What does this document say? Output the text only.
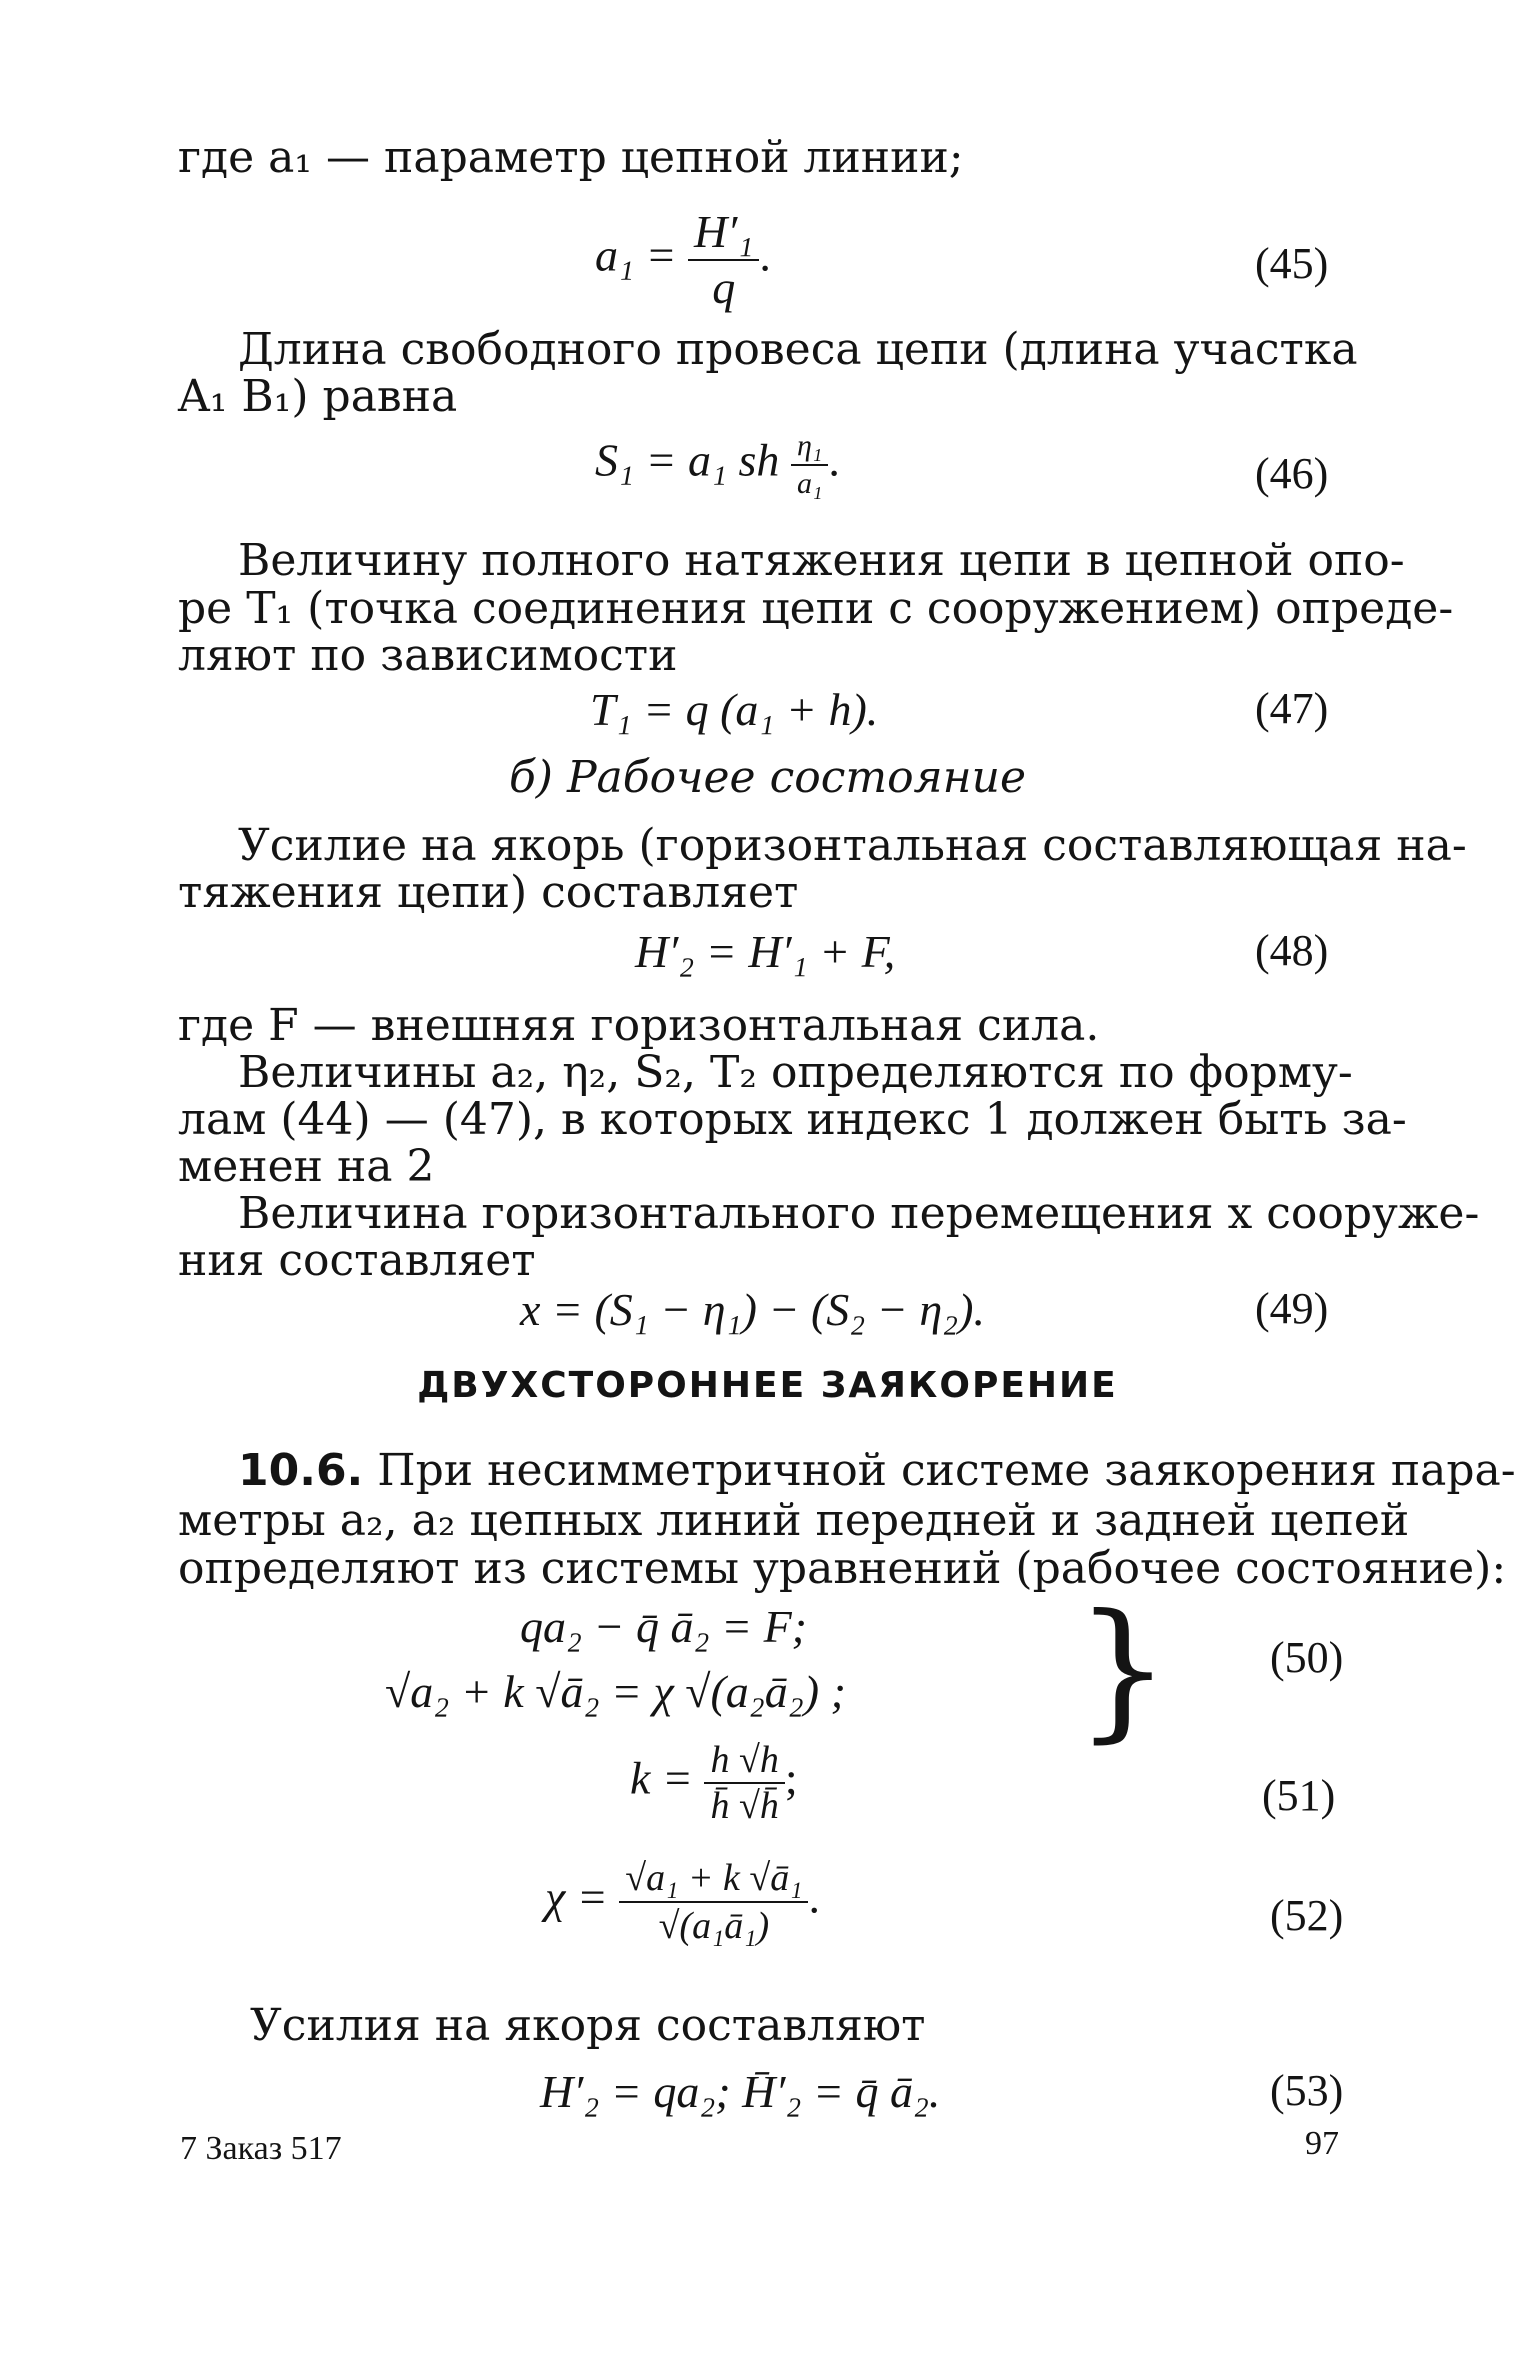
где a₁ — параметр цепной линии;
$a_1 = \frac{\text{H′₁}}{q}$ .	(45)
Длина свободного провеса цепи (длина участка
A₁ B₁) равна
S₁ = a₁ sh $\frac{\text{η₁}}{\text{a₁}}$ .	(46)
Величину полного натяжения цепи в цепной опо-
ре T₁ (точка соединения цепи с сооружением) опреде-
ляют по зависимости
T₁ = q (a₁ + h).	(47)
б) Рабочее состояние
Усилие на якорь (горизонтальная составляющая на-
тяжения цепи) составляет
H′₂ = H′₁ + F,	(48)
где F — внешняя горизонтальная сила.
Величины a₂, η₂, S₂, T₂ определяются по форму-
лам (44) — (47), в которых индекс 1 должен быть за-
менен на 2
Величина горизонтального перемещения x сооруже-
ния составляет
x = (S₁ − η₁) − (S₂ − η₂).	(49)
ДВУХСТОРОННЕЕ ЗАЯКОРЕНИЕ
10.6. При несимметричной системе заякорения пара-
метры a₂, a₂ цепных линий передней и задней цепей
определяют из системы уравнений (рабочее состояние):
qa₂ − q̄ ā₂ = F;
√a₂ + k √ā₂ = χ √(a₂ā₂) ; } (50)
$k = \frac{h √h}{h̄ √h̄}$ ;	(51)
$\chi = \frac{\text{√a₁ + k √ā₁}}{\text{√(a₁ā₁)}}$ .	(52)
Усилия на якоря составляют
H′₂ = qa₂; H̄′₂ = q̄ ā₂.	(53)
7 Заказ 517	97
